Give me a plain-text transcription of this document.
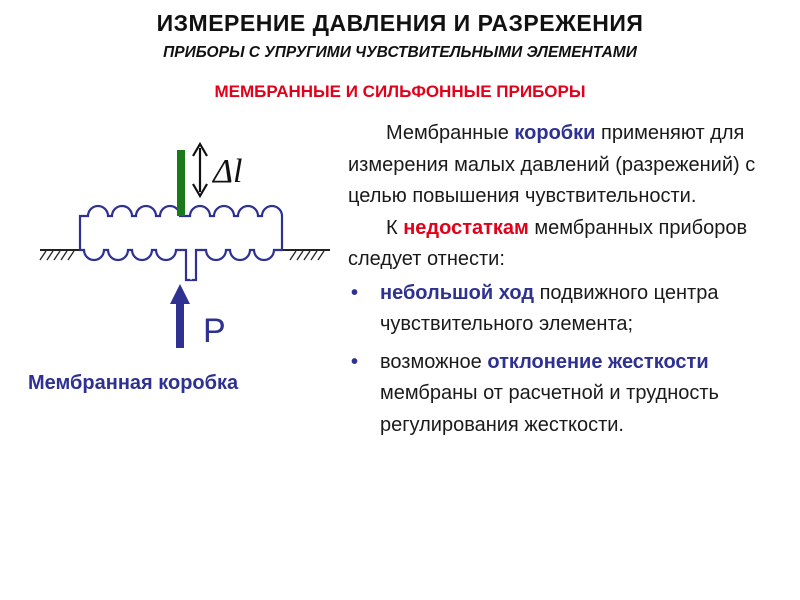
ИЗМЕРЕНИЕ ДАВЛЕНИЯ И РАЗРЕЖЕНИЯ
ПРИБОРЫ С УПРУГИМИ ЧУВСТВИТЕЛЬНЫМИ ЭЛЕМЕНТАМИ
МЕМБРАННЫЕ И СИЛЬФОННЫЕ ПРИБОРЫ
Δl
P
Мембранная коробка

Мембранные коробки применяют для измерения малых давлений (разрежений) с целью повышения чувствительности.

К недостаткам мембранных приборов следует отнести:

• небольшой ход подвижного центра чувствительного элемента;

• возможное отклонение жесткости мембраны от расчетной и трудность регулирования жесткости.
